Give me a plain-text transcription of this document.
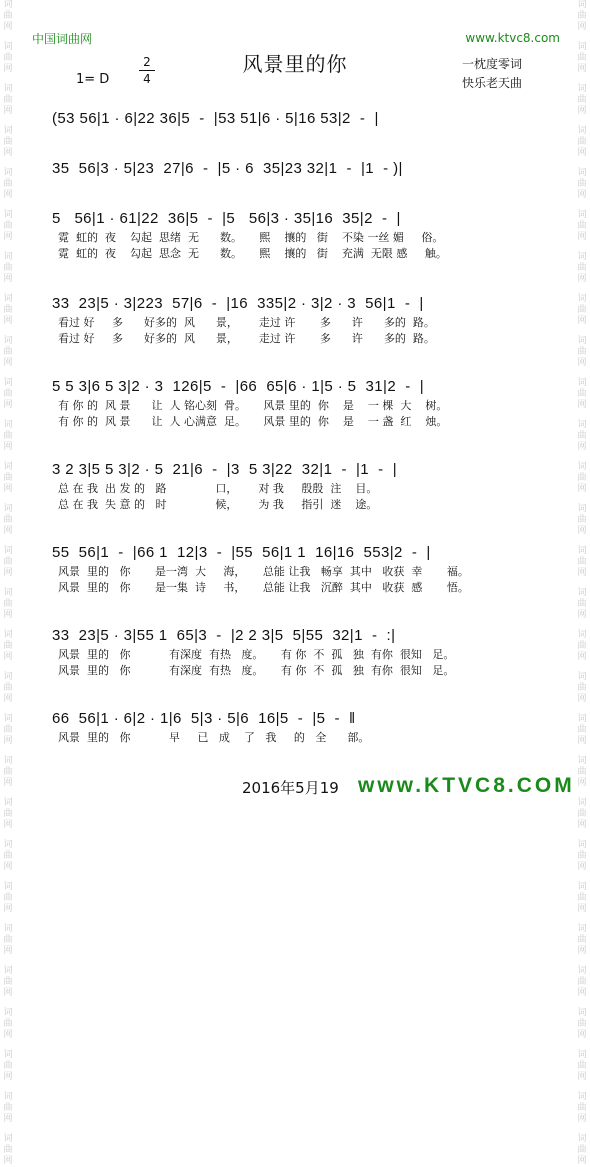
词
曲
网
词
曲
网
词
曲
网
词
曲
网
词
曲
网
词
曲
网
词
曲
网
词
曲
网
词
曲
网
词
曲
网
词
曲
网
词
曲
网
词
曲
网
词
曲
网
词
曲
网
词
曲
网
词
曲
网
词
曲
网
词
曲
网
词
曲
网
词
曲
网
词
曲
网
词
曲
网
词
曲
网
词
曲
网
词
曲
网
词
曲
网
词
曲
网
词
曲
网
词
曲
网
词
曲
网
词
曲
网
词
曲
网
词
曲
网
词
曲
网
词
曲
网
词
曲
网
词
曲
网
词
曲
网
词
曲
网
词
曲
网
词
曲
网
词
曲
网
词
曲
网
词
曲
网
词
曲
网
词
曲
网
词
曲
网
词
曲
网
词
曲
网
词
曲
网
词
曲
网
词
曲
网
词
曲
网
词
曲
网
词
曲
网
中国词曲网	www.ktvc8.com
风景里的你
1= D
2
4
一枕度零词
快乐老天曲
(53 56|1 · 6|22 36|5  -  |53 51|6 · 5|16 53|2  -  |
35  56|3 · 5|23  27|6  -  |5 · 6  35|23 32|1  -  |1  - )|
5   56|1 · 61|22  36|5  -  |5   56|3 · 35|16  35|2  -  |
霓  虹的  夜    勾起  思绪  无      数。     熙    攘的   街    不染 一丝 媚     俗。
霓  虹的  夜    勾起  思念  无      数。     熙    攘的   街    充满  无限 感     触。
33  23|5 · 3|223  57|6  -  |16  335|2 · 3|2 · 3  56|1  -  |
看过 好     多      好多的  风      景，      走过 许       多      许      多的  路。
看过 好     多      好多的  风      景，      走过 许       多      许      多的  路。
5 5 3|6 5 3|2 · 3  126|5  -  |66  65|6 · 1|5 · 5  31|2  -  |
有 你 的  风 景      让  人 铭心刻  骨。     风景 里的  你    是    一 棵  大    树。
有 你 的  风 景      让  人 心满意  足。     风景 里的  你    是    一 盏  红    烛。
3 2 3|5 5 3|2 · 5  21|6  -  |3  5 3|22  32|1  -  |1  -  |
总 在 我  出 发 的   路              口，      对 我     殷殷  注    目。
总 在 我  失 意 的   时              候，      为 我     指引  迷    途。
55  56|1  -  |66 1  12|3  -  |55  56|1 1  16|16  553|2  -  |
风景  里的   你       是一湾  大     海，     总能 让我   畅享  其中   收获  幸       福。
风景  里的   你       是一集  诗     书，     总能 让我   沉醉  其中   收获  感       悟。
33  23|5 · 3|55 1  65|3  -  |2 2 3|5  5|55  32|1  -  :|
风景  里的   你           有深度  有热   度。     有 你  不  孤   独  有你  很知   足。
风景  里的   你           有深度  有热   度。     有 你  不  孤   独  有你  很知   足。
66  56|1 · 6|2 · 1|6  5|3 · 5|6  16|5  -  |5  -  ‖
风景  里的   你           早     已   成    了   我     的   全      部。
2016年5月19 www.KTVC8.COM
